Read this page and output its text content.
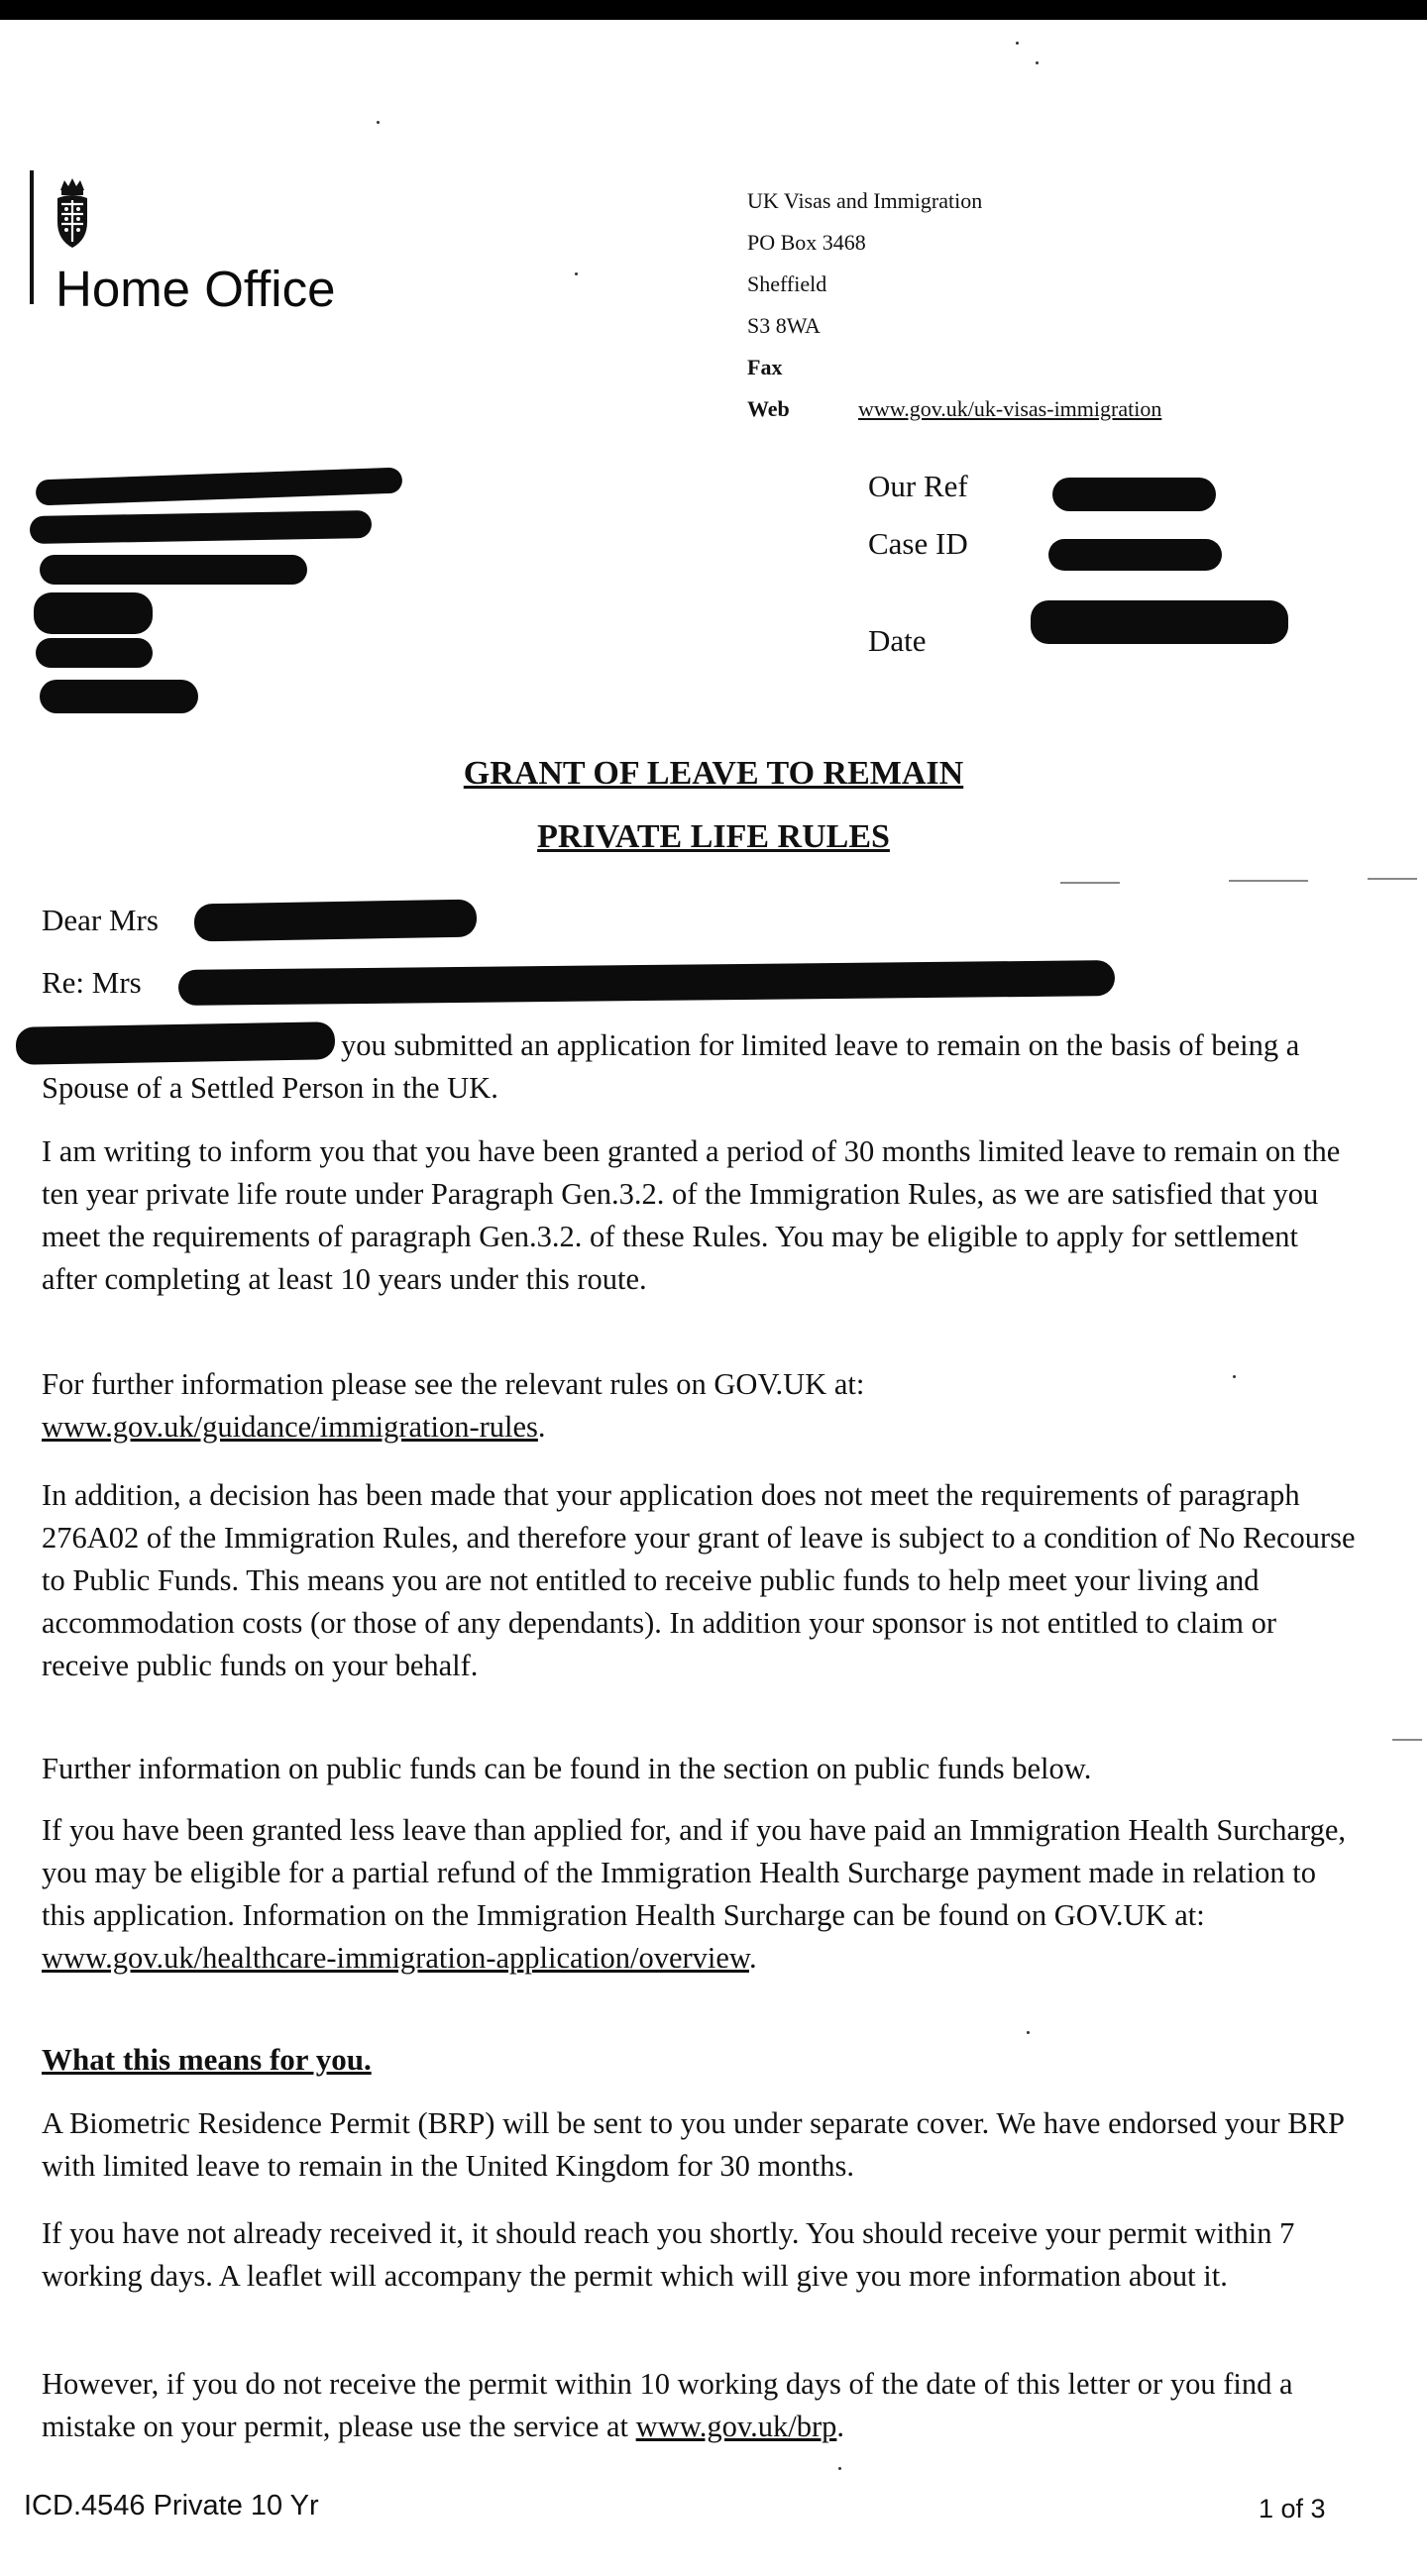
Home Office
UK Visas and Immigration
PO Box 3468
Sheffield
S3 8WA
Fax
Web	www.gov.uk/uk-visas-immigration
Our Ref
Case ID
Date
GRANT OF LEAVE TO REMAIN
PRIVATE LIFE RULES
Dear Mrs
Re: Mrs

you submitted an application for limited leave to remain on the basis of being a Spouse of a Settled Person in the UK.

I am writing to inform you that you have been granted a period of 30 months limited leave to remain on the ten year private life route under Paragraph Gen.3.2. of the Immigration Rules, as we are satisfied that you meet the requirements of paragraph Gen.3.2. of these Rules. You may be eligible to apply for settlement after completing at least 10 years under this route.

For further information please see the relevant rules on GOV.UK at:
www.gov.uk/guidance/immigration-rules.

In addition, a decision has been made that your application does not meet the requirements of paragraph 276A02 of the Immigration Rules, and therefore your grant of leave is subject to a condition of No Recourse to Public Funds. This means you are not entitled to receive public funds to help meet your living and accommodation costs (or those of any dependants). In addition your sponsor is not entitled to claim or receive public funds on your behalf.

Further information on public funds can be found in the section on public funds below.

If you have been granted less leave than applied for, and if you have paid an Immigration Health Surcharge, you may be eligible for a partial refund of the Immigration Health Surcharge payment made in relation to this application. Information on the Immigration Health Surcharge can be found on GOV.UK at: www.gov.uk/healthcare-immigration-application/overview.

What this means for you.

A Biometric Residence Permit (BRP) will be sent to you under separate cover. We have endorsed your BRP with limited leave to remain in the United Kingdom for 30 months.

If you have not already received it, it should reach you shortly. You should receive your permit within 7 working days. A leaflet will accompany the permit which will give you more information about it.

However, if you do not receive the permit within 10 working days of the date of this letter or you find a mistake on your permit, please use the service at www.gov.uk/brp.

ICD.4546 Private 10 Yr	1 of 3
